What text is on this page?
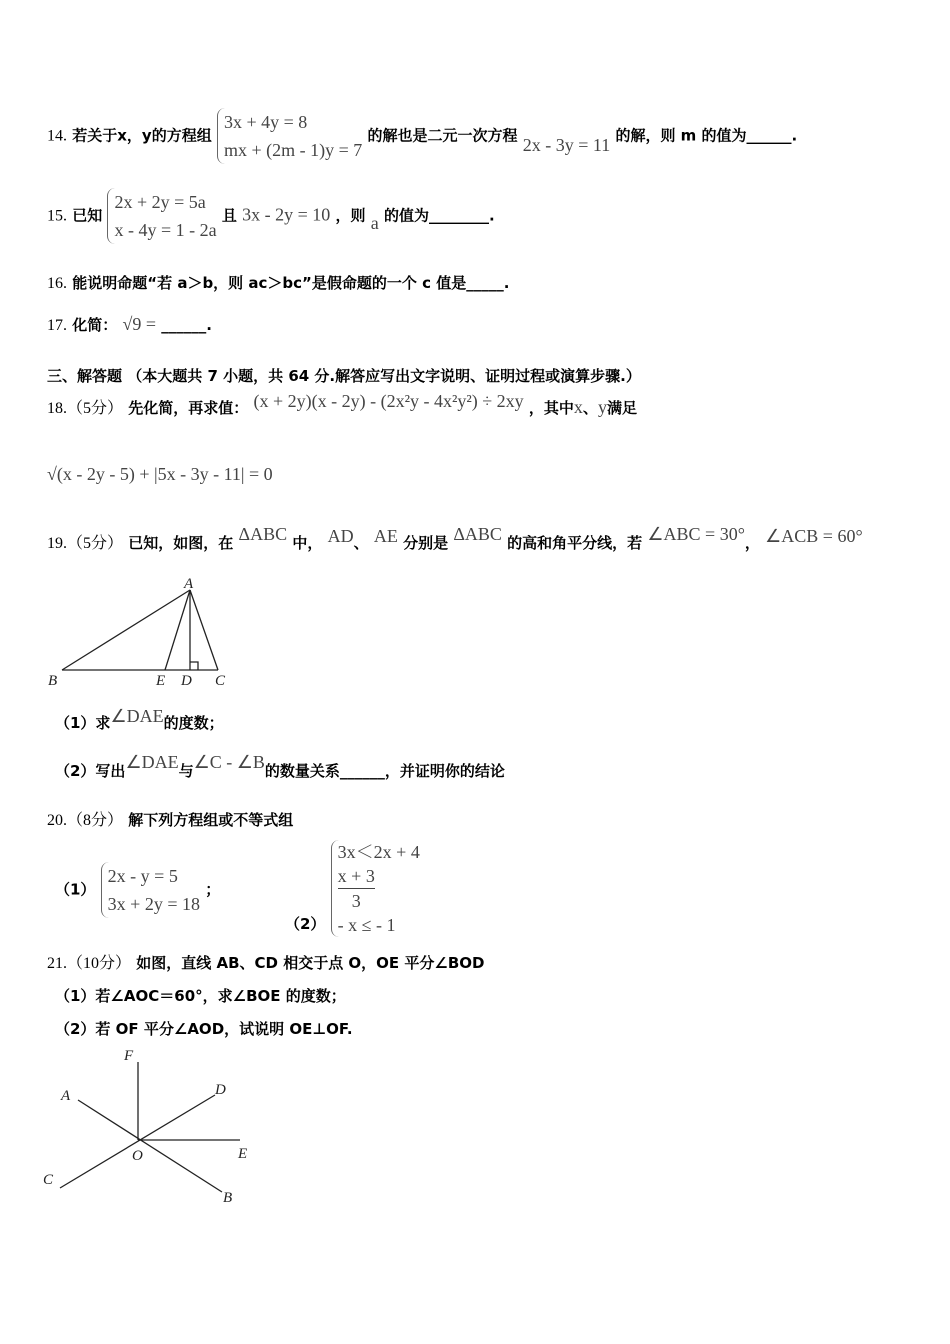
14. 若关于x，y的方程组
3x + 4y = 8
mx + (2m - 1)y = 7
的解也是二元一次方程 2x - 3y = 11 的解，则 m 的值为______.
15. 已知
2x + 2y = 5a
x - 4y = 1 - 2a
且 3x - 2y = 10 ，则 a 的值为________.
16. 能说明命题“若 a＞b，则 ac＞bc”是假命题的一个 c 值是_____.
17. 化简： √9 = ______.
三、解答题 （本大题共 7 小题，共 64 分.解答应写出文字说明、证明过程或演算步骤.）
18.（5分） 先化简，再求值： (x + 2y)(x - 2y) - (2x²y - 4x²y²) ÷ 2xy ，其中x、y满足
√(x - 2y - 5) + |5x - 3y - 11| = 0
19.（5分） 已知，如图，在 ΔABC 中， AD、 AE 分别是 ΔABC 的高和角平分线，若 ∠ABC = 30°， ∠ACB = 60°
A
B	E D C
（1）求∠DAE的度数；
（2）写出∠DAE与∠C - ∠B的数量关系______，并证明你的结论
20.（8分） 解下列方程组或不等式组
（1）
2x - y = 5
3x + 2y = 18
；
（2）
3x＜2x + 4
$\frac{x + 3}{3}$
- x ≤ - 1
21.（10分） 如图，直线 AB、CD 相交于点 O，OE 平分∠BOD
（1）若∠AOC＝60°，求∠BOE 的度数；
（2）若 OF 平分∠AOD，试说明 OE⊥OF.
F
A	D
E
O
C
B
